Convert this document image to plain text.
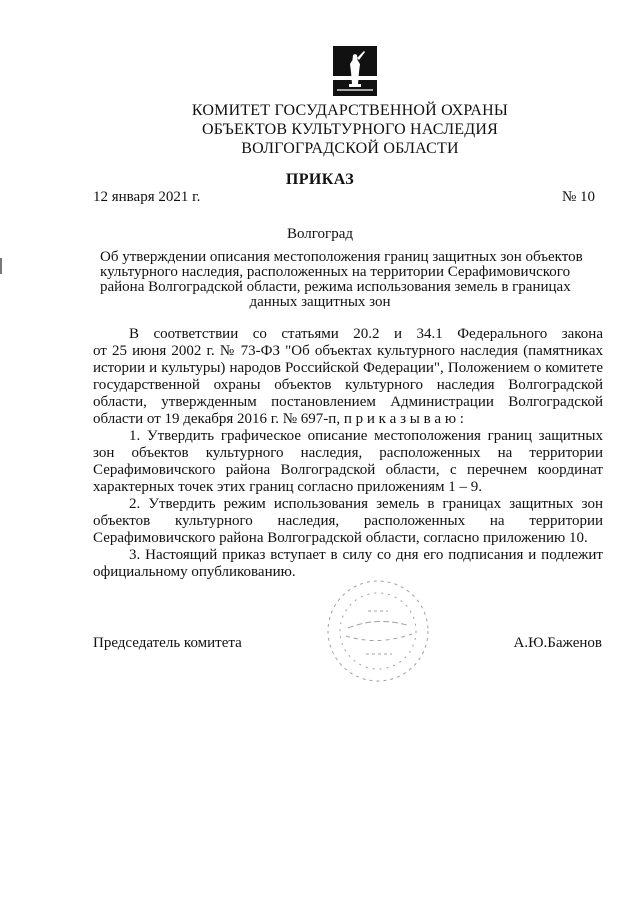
КОМИТЕТ ГОСУДАРСТВЕННОЙ ОХРАНЫ
ОБЪЕКТОВ КУЛЬТУРНОГО НАСЛЕДИЯ
ВОЛГОГРАДСКОЙ ОБЛАСТИ
ПРИКАЗ
12 января 2021 г.	№ 10
Волгоград
Об утверждении описания местоположения границ защитных зон объектов
культурного наследия, расположенных на территории Серафимовичского
района Волгоградской области, режима использования земель в границах
данных защитных зон
В соответствии со статьями 20.2 и 34.1 Федерального закона
от 25 июня 2002 г. № 73-ФЗ "Об объектах культурного наследия (памятниках
истории и культуры) народов Российской Федерации", Положением о комитете
государственной охраны объектов культурного наследия Волгоградской
области, утвержденным постановлением Администрации Волгоградской
области от 19 декабря 2016 г. № 697-п, п р и к а з ы в а ю :
1. Утвердить графическое описание местоположения границ защитных
зон объектов культурного наследия, расположенных на территории
Серафимовичского района Волгоградской области, с перечнем координат
характерных точек этих границ согласно приложениям 1 – 9.
2. Утвердить режим использования земель в границах защитных зон
объектов культурного наследия, расположенных на территории
Серафимовичского района Волгоградской области, согласно приложению 10.
3. Настоящий приказ вступает в силу со дня его подписания и подлежит
официальному опубликованию.
Председатель комитета	А.Ю.Баженов
